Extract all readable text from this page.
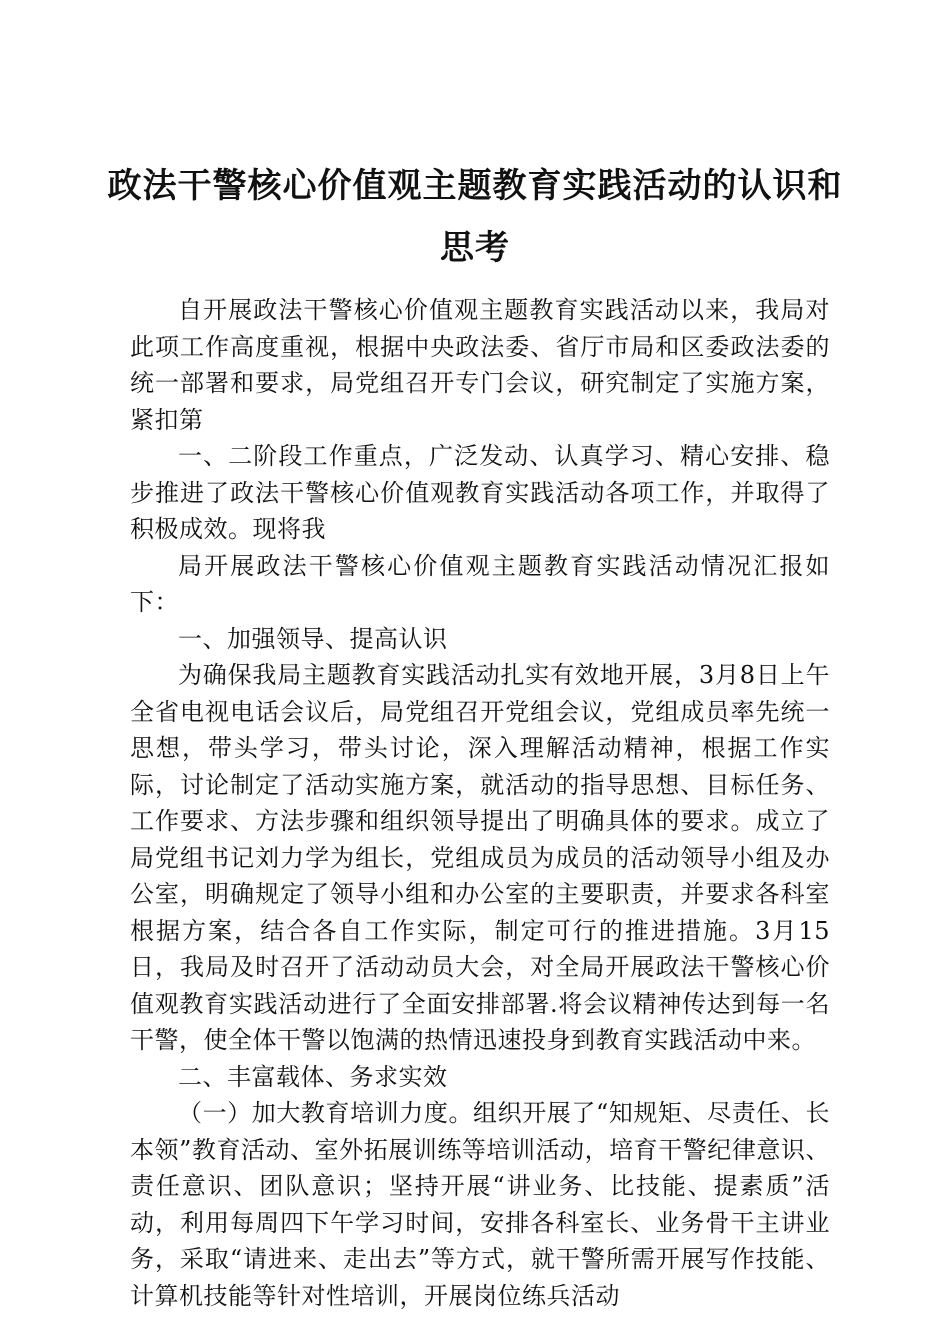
政法干警核心价值观主题教育实践活动的认识和思考

自开展政法干警核心价值观主题教育实践活动以来，我局对此项工作高度重视，根据中央政法委、省厅市局和区委政法委的统一部署和要求，局党组召开专门会议，研究制定了实施方案，紧扣第

一、二阶段工作重点，广泛发动、认真学习、精心安排、稳步推进了政法干警核心价值观教育实践活动各项工作，并取得了积极成效。现将我

局开展政法干警核心价值观主题教育实践活动情况汇报如下：

一、加强领导、提高认识

为确保我局主题教育实践活动扎实有效地开展，3月8日上午全省电视电话会议后，局党组召开党组会议，党组成员率先统一思想，带头学习，带头讨论，深入理解活动精神，根据工作实际，讨论制定了活动实施方案，就活动的指导思想、目标任务、工作要求、方法步骤和组织领导提出了明确具体的要求。成立了局党组书记刘力学为组长，党组成员为成员的活动领导小组及办公室，明确规定了领导小组和办公室的主要职责，并要求各科室根据方案，结合各自工作实际，制定可行的推进措施。3月15日，我局及时召开了活动动员大会，对全局开展政法干警核心价值观教育实践活动进行了全面安排部署.将会议精神传达到每一名干警，使全体干警以饱满的热情迅速投身到教育实践活动中来。

二、丰富载体、务求实效

（一）加大教育培训力度。组织开展了“知规矩、尽责任、长本领”教育活动、室外拓展训练等培训活动，培育干警纪律意识、责任意识、团队意识；坚持开展“讲业务、比技能、提素质”活动，利用每周四下午学习时间，安排各科室长、业务骨干主讲业务，采取“请进来、走出去”等方式，就干警所需开展写作技能、计算机技能等针对性培训，开展岗位练兵活动
